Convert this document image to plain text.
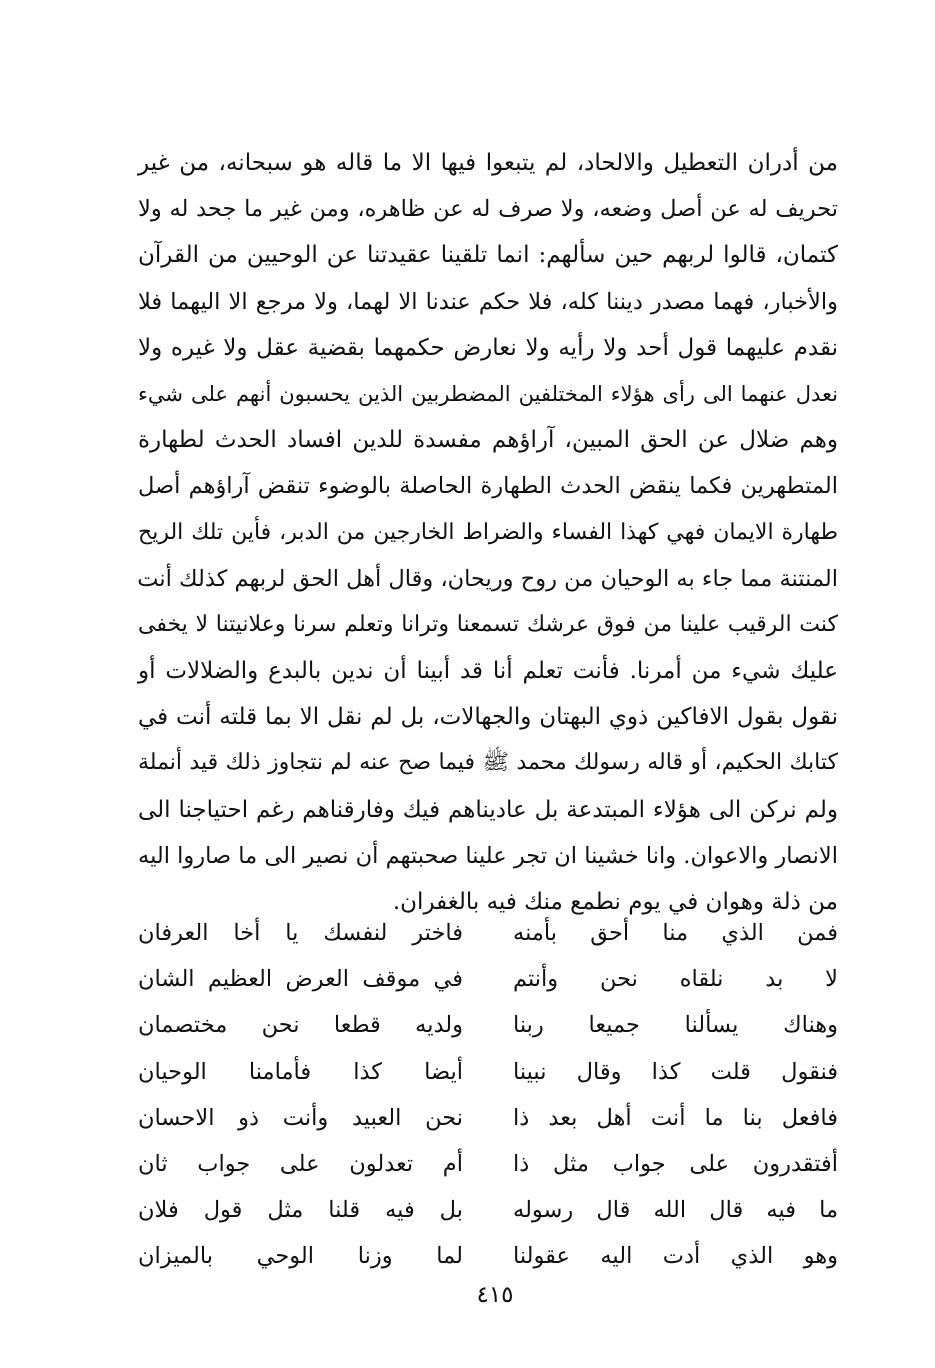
من أدران التعطيل والالحاد، لم يتبعوا فيها الا ما قاله هو سبحانه، من غير
تحريف له عن أصل وضعه، ولا صرف له عن ظاهره، ومن غير ما جحد له ولا
كتمان، قالوا لربهم حين سألهم: انما تلقينا عقيدتنا عن الوحيين من القرآن
والأخبار، فهما مصدر ديننا كله، فلا حكم عندنا الا لهما، ولا مرجع الا اليهما فلا
نقدم عليهما قول أحد ولا رأيه ولا نعارض حكمهما بقضية عقل ولا غيره ولا
نعدل عنهما الى رأى هؤلاء المختلفين المضطربين الذين يحسبون أنهم على شيء
وهم ضلال عن الحق المبين، آراؤهم مفسدة للدين افساد الحدث لطهارة
المتطهرين فكما ينقض الحدث الطهارة الحاصلة بالوضوء تنقض آراؤهم أصل
طهارة الايمان فهي كهذا الفساء والضراط الخارجين من الدبر، فأين تلك الريح
المنتنة مما جاء به الوحيان من روح وريحان، وقال أهل الحق لربهم كذلك أنت
كنت الرقيب علينا من فوق عرشك تسمعنا وترانا وتعلم سرنا وعلانيتنا لا يخفى
عليك شيء من أمرنا. فأنت تعلم أنا قد أبينا أن ندين بالبدع والضلالات أو
نقول بقول الافاكين ذوي البهتان والجهالات، بل لم نقل الا بما قلته أنت في
كتابك الحكيم، أو قاله رسولك محمد ﷺ فيما صح عنه لم نتجاوز ذلك قيد أنملة
ولم نركن الى هؤلاء المبتدعة بل عاديناهم فيك وفارقناهم رغم احتياجنا الى
الانصار والاعوان. وانا خشينا ان تجر علينا صحبتهم أن نصير الى ما صاروا اليه
من ذلة وهوان في يوم نطمع منك فيه بالغفران.
فمن الذي منا أحق بأمنه
لا بد نلقاه نحن وأنتم
وهناك يسألنا جميعا ربنا
فنقول قلت كذا وقال نبينا
فافعل بنا ما أنت أهل بعد ذا
أفتقدرون على جواب مثل ذا
ما فيه قال الله قال رسوله
وهو الذي أدت اليه عقولنا
فاختر لنفسك يا أخا العرفان
في موقف العرض العظيم الشان
ولديه قطعا نحن مختصمان
أيضا كذا فأمامنا الوحيان
نحن العبيد وأنت ذو الاحسان
أم تعدلون على جواب ثان
بل فيه قلنا مثل قول فلان
لما وزنا الوحي بالميزان
٤١٥
